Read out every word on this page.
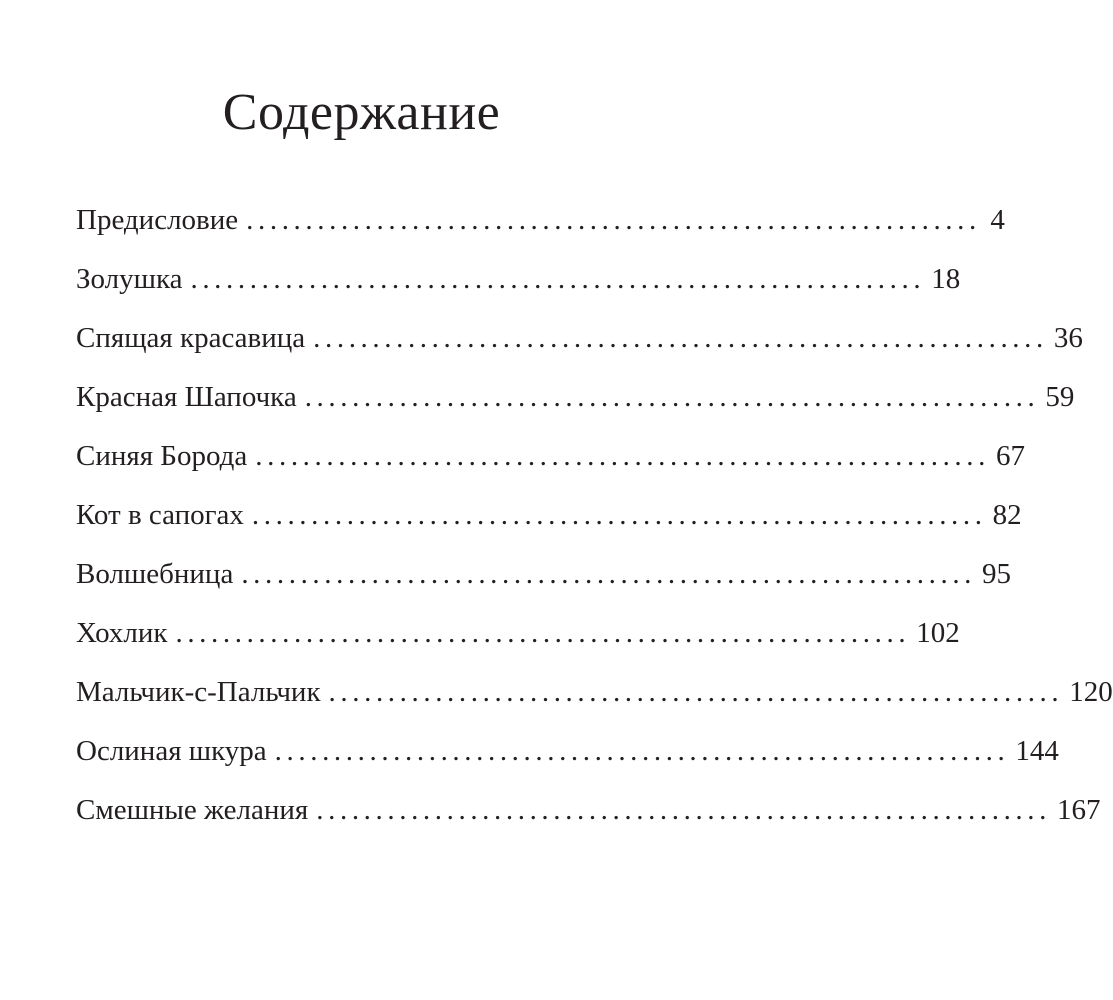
Содержание
Предисловие .............................................................. 4
Золушка .............................................................. 18
Спящая красавица .............................................................. 36
Красная Шапочка .............................................................. 59
Синяя Борода .............................................................. 67
Кот в сапогах .............................................................. 82
Волшебница .............................................................. 95
Хохлик .............................................................. 102
Мальчик-с-Пальчик .............................................................. 120
Ослиная шкура .............................................................. 144
Смешные желания .............................................................. 167
